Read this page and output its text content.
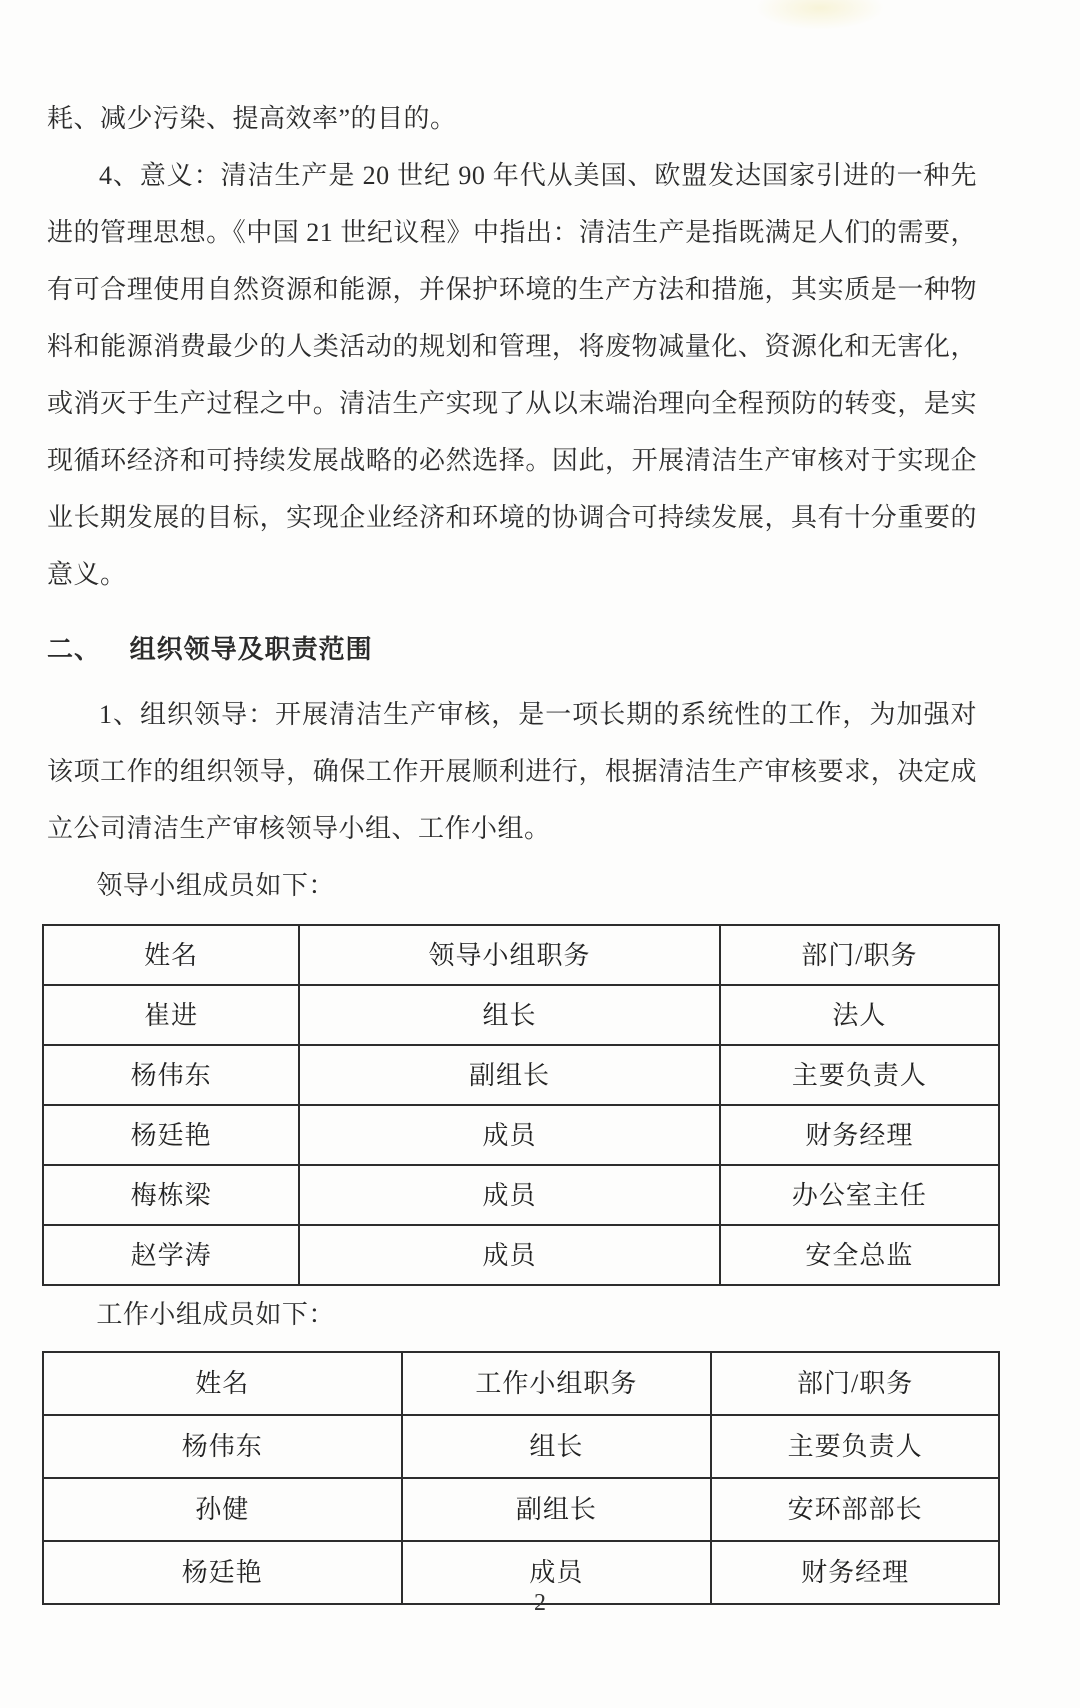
耗、减少污染、提高效率”的目的。

4、意义：清洁生产是 20 世纪 90 年代从美国、欧盟发达国家引进的一种先进的管理思想。《中国 21 世纪议程》中指出：清洁生产是指既满足人们的需要，有可合理使用自然资源和能源，并保护环境的生产方法和措施，其实质是一种物料和能源消费最少的人类活动的规划和管理，将废物减量化、资源化和无害化，或消灭于生产过程之中。清洁生产实现了从以末端治理向全程预防的转变，是实现循环经济和可持续发展战略的必然选择。因此，开展清洁生产审核对于实现企业长期发展的目标，实现企业经济和环境的协调合可持续发展，具有十分重要的意义。

二、 组织领导及职责范围

1、组织领导：开展清洁生产审核，是一项长期的系统性的工作，为加强对该项工作的组织领导，确保工作开展顺利进行，根据清洁生产审核要求，决定成立公司清洁生产审核领导小组、工作小组。

领导小组成员如下：

姓名	领导小组职务	部门/职务
崔进	组长	法人
杨伟东	副组长	主要负责人
杨廷艳	成员	财务经理
梅栋梁	成员	办公室主任
赵学涛	成员	安全总监

工作小组成员如下：

姓名	工作小组职务	部门/职务
杨伟东	组长	主要负责人
孙健	副组长	安环部部长
杨廷艳	成员	财务经理
2
